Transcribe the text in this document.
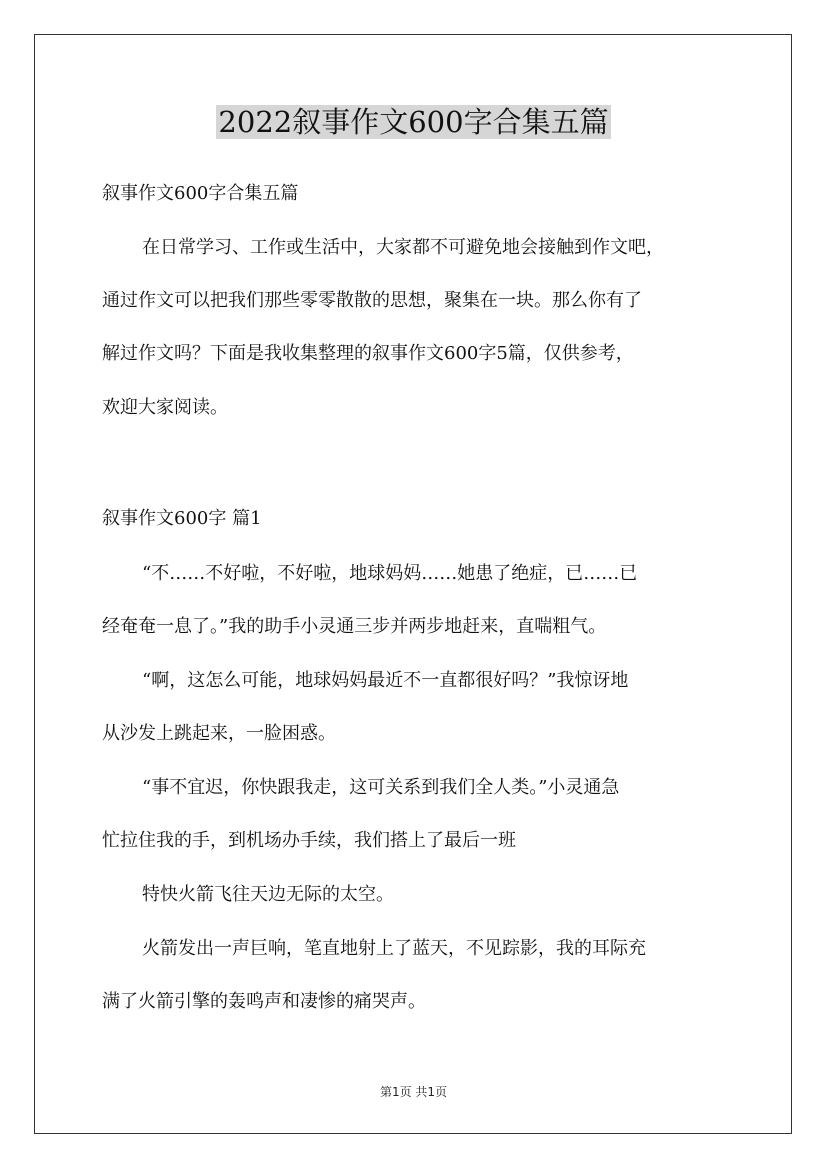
2022叙事作文600字合集五篇

叙事作文600字合集五篇

在日常学习、工作或生活中，大家都不可避免地会接触到作文吧，

通过作文可以把我们那些零零散散的思想，聚集在一块。那么你有了

解过作文吗？下面是我收集整理的叙事作文600字5篇，仅供参考，

欢迎大家阅读。

叙事作文600字 篇1

“不……不好啦，不好啦，地球妈妈……她患了绝症，已……已

经奄奄一息了。”我的助手小灵通三步并两步地赶来，直喘粗气。

“啊，这怎么可能，地球妈妈最近不一直都很好吗？”我惊讶地

从沙发上跳起来，一脸困惑。

“事不宜迟，你快跟我走，这可关系到我们全人类。”小灵通急

忙拉住我的手，到机场办手续，我们搭上了最后一班

特快火箭飞往天边无际的太空。

火箭发出一声巨响，笔直地射上了蓝天，不见踪影，我的耳际充

满了火箭引擎的轰鸣声和凄惨的痛哭声。

第1页 共1页
